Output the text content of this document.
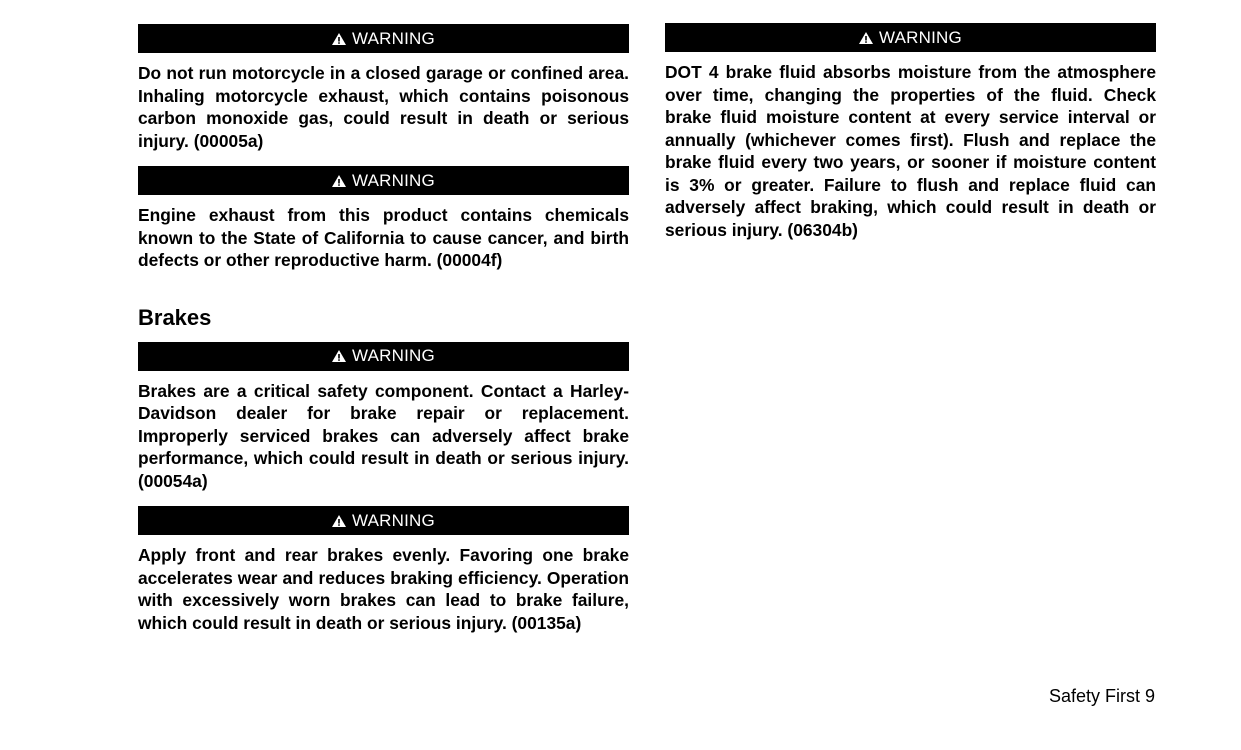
WARNING

Do not run motorcycle in a closed garage or confined area. Inhaling motorcycle exhaust, which contains poisonous carbon monoxide gas, could result in death or serious injury. (00005a)

WARNING

Engine exhaust from this product contains chemicals known to the State of California to cause cancer, and birth defects or other reproductive harm. (00004f)

Brakes
WARNING

Brakes are a critical safety component. Contact a Harley-Davidson dealer for brake repair or replacement. Improperly serviced brakes can adversely affect brake performance, which could result in death or serious injury. (00054a)

WARNING

Apply front and rear brakes evenly. Favoring one brake accelerates wear and reduces braking efficiency. Operation with excessively worn brakes can lead to brake failure, which could result in death or serious injury. (00135a)

WARNING

DOT 4 brake fluid absorbs moisture from the atmosphere over time, changing the properties of the fluid. Check brake fluid moisture content at every service interval or annually (whichever comes first). Flush and replace the brake fluid every two years, or sooner if moisture content is 3% or greater. Failure to flush and replace fluid can adversely affect braking, which could result in death or serious injury. (06304b)

Safety First 9
